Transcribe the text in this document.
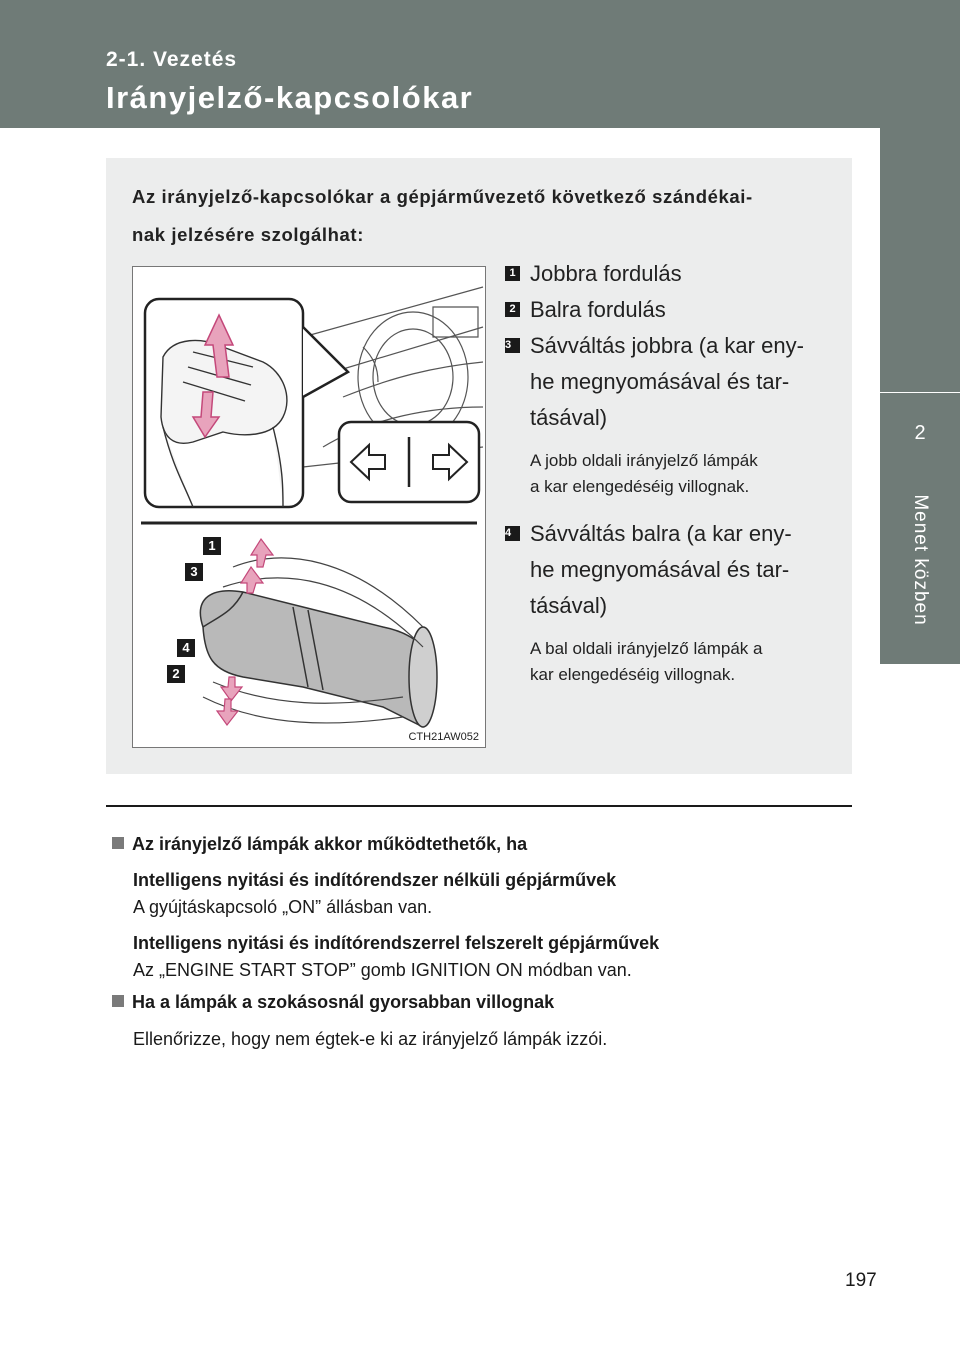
2-1. Vezetés
Irányjelző-kapcsolókar
2
Menet közben
Az irányjelző-kapcsolókar a gépjárművezető következő szándékai-
nak jelzésére szolgálhat:
1
3
4
2
CTH21AW052
1 Jobbra fordulás
2 Balra fordulás
3 Sávváltás jobbra (a kar eny-
he megnyomásával és tar-
tásával)
A jobb oldali irányjelző lámpák
a kar elengedéséig villognak.
4 Sávváltás balra (a kar eny-
he megnyomásával és tar-
tásával)
A bal oldali irányjelző lámpák a
kar elengedéséig villognak.
Az irányjelző lámpák akkor működtethetők, ha
Intelligens nyitási és indítórendszer nélküli gépjárművek
A gyújtáskapcsoló „ON” állásban van.
Intelligens nyitási és indítórendszerrel felszerelt gépjárművek
Az „ENGINE START STOP” gomb IGNITION ON módban van.
Ha a lámpák a szokásosnál gyorsabban villognak
Ellenőrizze, hogy nem égtek-e ki az irányjelző lámpák izzói.
197
